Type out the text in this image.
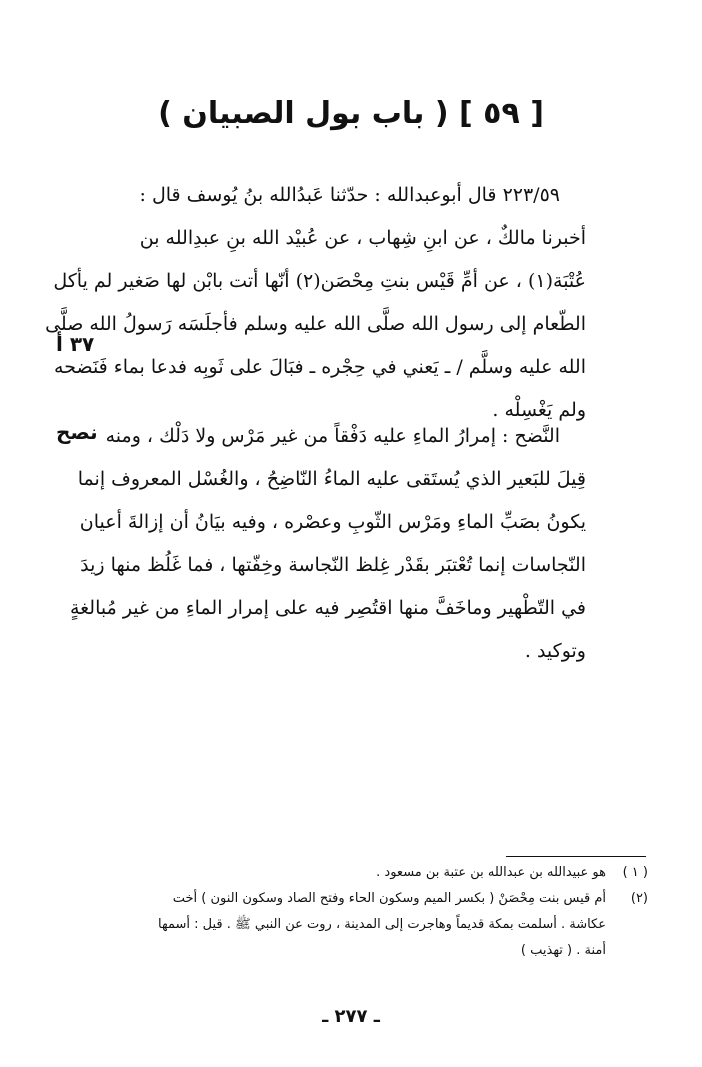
[ ٥٩ ] ( باب بول الصبيان )
٢٢٣/٥٩ قال أبوعبدالله : حدّثنا عَبدُالله بنُ يُوسف قال :
أخبرنا مالكٌ ، عن ابنِ شِهاب ، عن عُبيْد الله بنِ عبدِالله بن
عُتْبَة(١) ، عن أمِّ قَيْس بنتِ مِحْصَن(٢) أنّها أتت بابْن لها صَغير لم يأكل
الطّعام إلى رسول الله صلَّى الله عليه وسلم فأجلَسَه رَسولُ الله صلَّى
الله عليه وسلَّم / ـ يَعني في حِجْره ـ فبَالَ على ثَوبِه فدعا بماء فَنَضحه
ولم يَغْسِلْه .
٣٧ أ
نصح النَّضح : إمرارُ الماءِ عليه دَفْقاً من غير مَرْس ولا دَلْك ، ومنه
قِيلَ للبَعير الذي يُستَقى عليه الماءُ النّاضِحُ ، والغُسْل المعروف إنما
يكونُ بصَبِّ الماءِ ومَرْس الثّوبِ وعصْره ، وفيه بيَانُ أن إزالةَ أعيان
النّجاسات إنما تُعْتبَر بقَدْر غِلظ النّجاسة وخِفّتها ، فما غَلُظ منها زيدَ
في التّطْهير وماخَفَّ منها اقتُصِر فيه على إمرار الماءِ من غير مُبالغةٍ
وتوكيد .
( ١ )
هو عبيدالله بن عبدالله بن عتبة بن مسعود .
(٢)
أم قيس بنت مِحْصَنْ ( بكسر الميم وسكون الحاء وفتح الصاد وسكون النون ) أخت
عكاشة . أسلمت بمكة قديماً وهاجرت إلى المدينة ، روت عن النبي ﷺ . قيل : أسمها
أمنة . ( تهذيب )
ـ ٢٧٧ ـ
